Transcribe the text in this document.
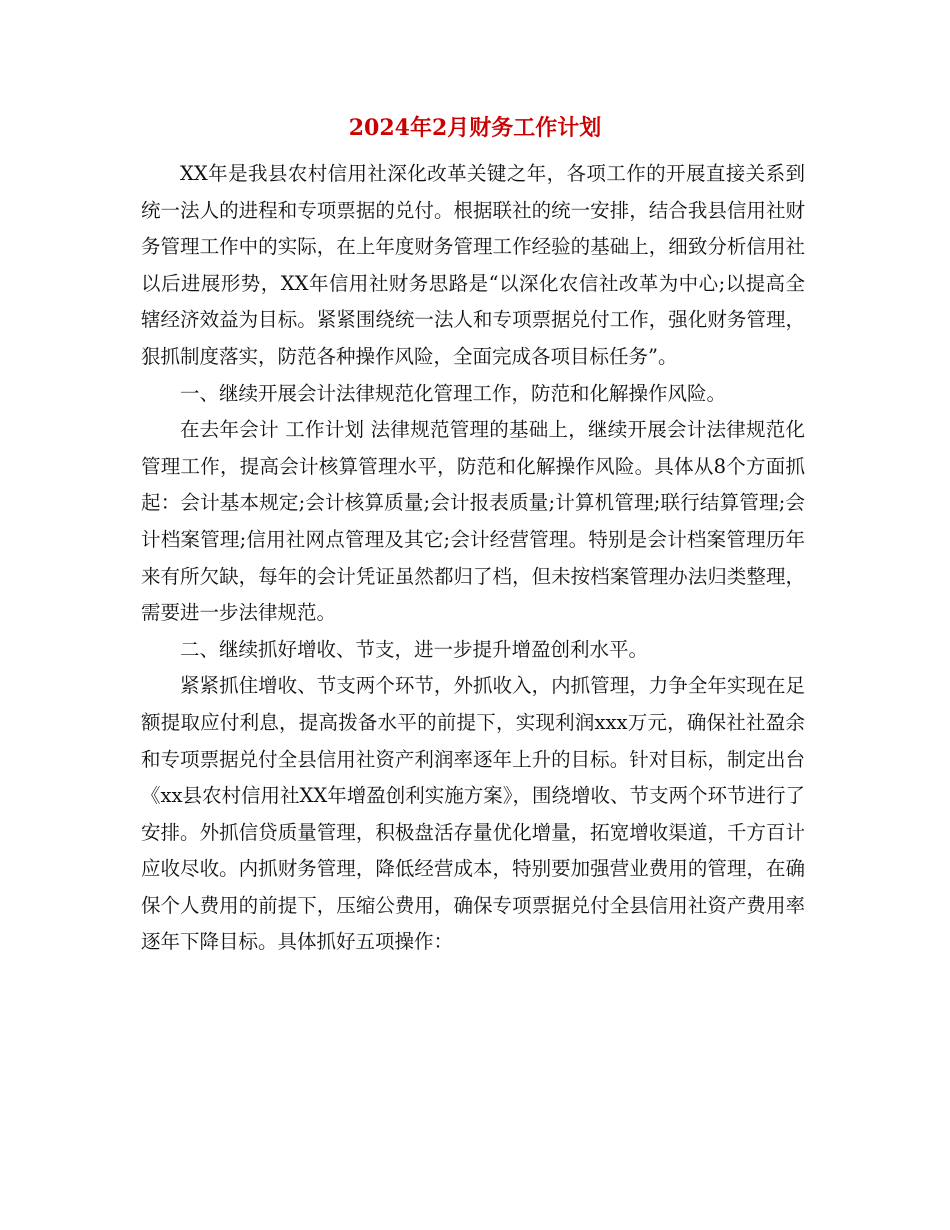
2024年2月财务工作计划

XX年是我县农村信用社深化改革关键之年，各项工作的开展直接关系到统一法人的进程和专项票据的兑付。根据联社的统一安排，结合我县信用社财务管理工作中的实际，在上年度财务管理工作经验的基础上，细致分析信用社以后进展形势，XX年信用社财务思路是“以深化农信社改革为中心;以提高全辖经济效益为目标。紧紧围绕统一法人和专项票据兑付工作，强化财务管理，狠抓制度落实，防范各种操作风险，全面完成各项目标任务”。

一、继续开展会计法律规范化管理工作，防范和化解操作风险。

在去年会计 工作计划 法律规范管理的基础上，继续开展会计法律规范化管理工作，提高会计核算管理水平，防范和化解操作风险。具体从8个方面抓起：会计基本规定;会计核算质量;会计报表质量;计算机管理;联行结算管理;会计档案管理;信用社网点管理及其它;会计经营管理。特别是会计档案管理历年来有所欠缺，每年的会计凭证虽然都归了档，但未按档案管理办法归类整理，需要进一步法律规范。

二、继续抓好增收、节支，进一步提升增盈创利水平。

紧紧抓住增收、节支两个环节，外抓收入，内抓管理，力争全年实现在足额提取应付利息，提高拨备水平的前提下，实现利润xxx万元，确保社社盈余和专项票据兑付全县信用社资产利润率逐年上升的目标。针对目标，制定出台《xx县农村信用社XX年增盈创利实施方案》，围绕增收、节支两个环节进行了安排。外抓信贷质量管理，积极盘活存量优化增量，拓宽增收渠道，千方百计应收尽收。内抓财务管理，降低经营成本，特别要加强营业费用的管理，在确保个人费用的前提下，压缩公费用，确保专项票据兑付全县信用社资产费用率逐年下降目标。具体抓好五项操作：
